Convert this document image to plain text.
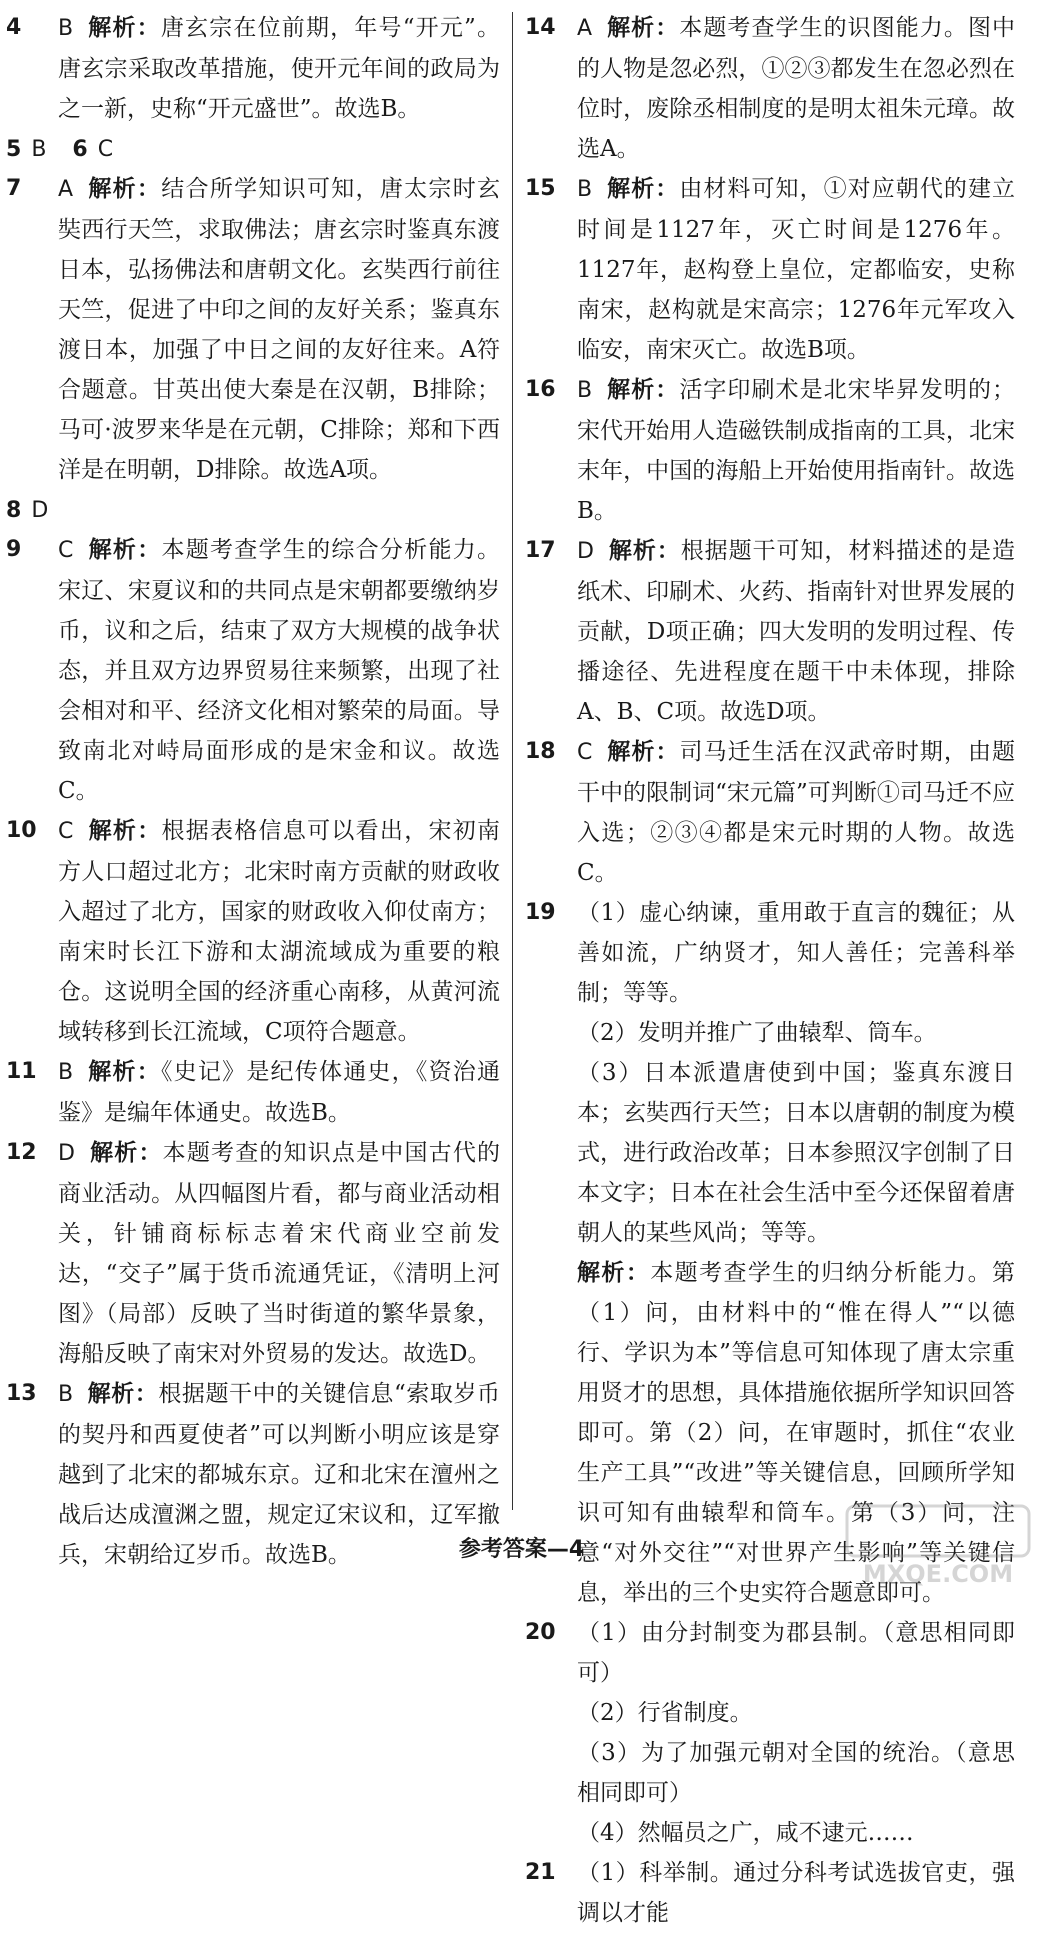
4 B 解析：唐玄宗在位前期，年号“开元”。唐玄宗采取改革措施，使开元年间的政局为之一新，史称“开元盛世”。故选B。
5 B 6 C
7 A 解析：结合所学知识可知，唐太宗时玄奘西行天竺，求取佛法；唐玄宗时鉴真东渡日本，弘扬佛法和唐朝文化。玄奘西行前往天竺，促进了中印之间的友好关系；鉴真东渡日本，加强了中日之间的友好往来。A符合题意。甘英出使大秦是在汉朝，B排除；马可·波罗来华是在元朝，C排除；郑和下西洋是在明朝，D排除。故选A项。
8 D
9 C 解析：本题考查学生的综合分析能力。宋辽、宋夏议和的共同点是宋朝都要缴纳岁币，议和之后，结束了双方大规模的战争状态，并且双方边界贸易往来频繁，出现了社会相对和平、经济文化相对繁荣的局面。导致南北对峙局面形成的是宋金和议。故选C。
10 C 解析：根据表格信息可以看出，宋初南方人口超过北方；北宋时南方贡献的财政收入超过了北方，国家的财政收入仰仗南方；南宋时长江下游和太湖流域成为重要的粮仓。这说明全国的经济重心南移，从黄河流域转移到长江流域，C项符合题意。
11 B 解析：《史记》是纪传体通史，《资治通鉴》是编年体通史。故选B。
12 D 解析：本题考查的知识点是中国古代的商业活动。从四幅图片看，都与商业活动相关，针铺商标标志着宋代商业空前发达，“交子”属于货币流通凭证，《清明上河图》（局部）反映了当时街道的繁华景象，海船反映了南宋对外贸易的发达。故选D。
13 B 解析：根据题干中的关键信息“索取岁币的契丹和西夏使者”可以判断小明应该是穿越到了北宋的都城东京。辽和北宋在澶州之战后达成澶渊之盟，规定辽宋议和，辽军撤兵，宋朝给辽岁币。故选B。
14 A 解析：本题考查学生的识图能力。图中的人物是忽必烈，①②③都发生在忽必烈在位时，废除丞相制度的是明太祖朱元璋。故选A。
15 B 解析：由材料可知，①对应朝代的建立时间是1127年，灭亡时间是1276年。1127年，赵构登上皇位，定都临安，史称南宋，赵构就是宋高宗；1276年元军攻入临安，南宋灭亡。故选B项。
16 B 解析：活字印刷术是北宋毕昇发明的；宋代开始用人造磁铁制成指南的工具，北宋末年，中国的海船上开始使用指南针。故选B。
17 D 解析：根据题干可知，材料描述的是造纸术、印刷术、火药、指南针对世界发展的贡献，D项正确；四大发明的发明过程、传播途径、先进程度在题干中未体现，排除A、B、C项。故选D项。
18 C 解析：司马迁生活在汉武帝时期，由题干中的限制词“宋元篇”可判断①司马迁不应入选；②③④都是宋元时期的人物。故选C。
19 （1）虚心纳谏，重用敢于直言的魏征；从善如流，广纳贤才，知人善任；完善科举制；等等。
（2）发明并推广了曲辕犁、筒车。
（3）日本派遣唐使到中国；鉴真东渡日本；玄奘西行天竺；日本以唐朝的制度为模式，进行政治改革；日本参照汉字创制了日本文字；日本在社会生活中至今还保留着唐朝人的某些风尚；等等。
解析：本题考查学生的归纳分析能力。第（1）问，由材料中的“惟在得人”“以德行、学识为本”等信息可知体现了唐太宗重用贤才的思想，具体措施依据所学知识回答即可。第（2）问，在审题时，抓住“农业生产工具”“改进”等关键信息，回顾所学知识可知有曲辕犁和筒车。第（3）问，注意“对外交往”“对世界产生影响”等关键信息，举出的三个史实符合题意即可。
20 （1）由分封制变为郡县制。（意思相同即可）
（2）行省制度。
（3）为了加强元朝对全国的统治。（意思相同即可）
（4）然幅员之广，咸不逮元……
21 （1）科举制。通过分科考试选拔官吏，强调以才能
参考答案—4
MXQE.COM
